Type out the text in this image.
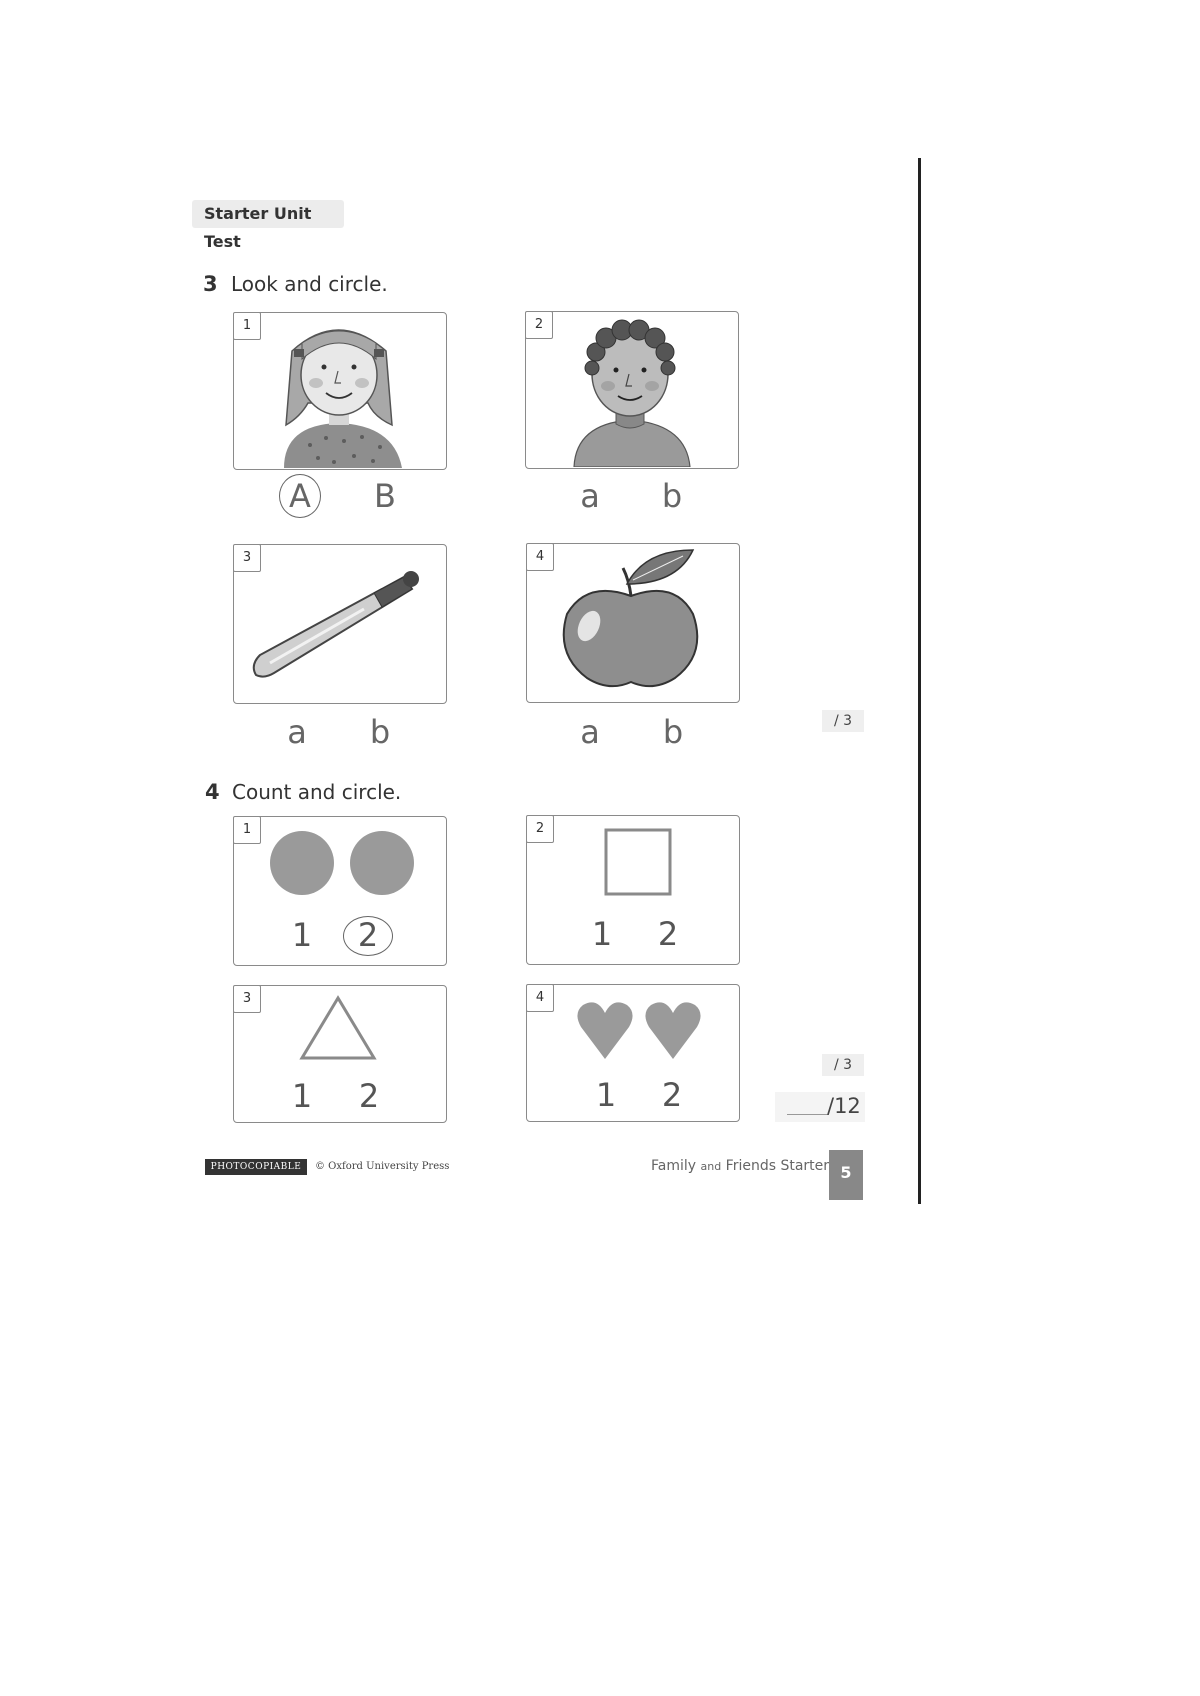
Starter Unit Test
3 Look and circle.
1
A	B
2
a	b
3
a	b
4
a	b	/ 3
4 Count and circle.
1
1	2
2
1	2
3
1	2
4
1	2
/ 3
/12
PHOTOCOPIABLE	© Oxford University Press	Family and Friends Starter 5
